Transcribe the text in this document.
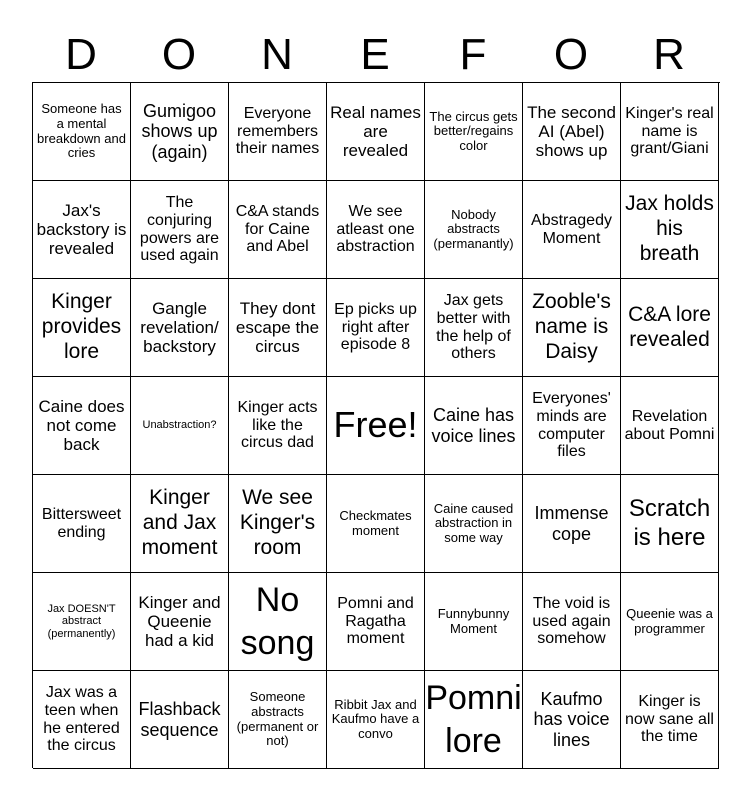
D	O	N	E	F	O	R
Someone has a mental breakdown and cries
Gumigoo shows up (again)
Everyone remembers their names
Real names are revealed
The circus gets better/regains color
The second AI (Abel) shows up
Kinger's real name is grant/Giani
Jax's backstory is revealed
The conjuring powers are used again
C&A stands for Caine and Abel
We see atleast one abstraction
Nobody abstracts (permanantly)
Abstragedy Moment
Jax holds his breath
Kinger provides lore
Gangle revelation/ backstory
They dont escape the circus
Ep picks up right after episode 8
Jax gets better with the help of others
Zooble's name is Daisy
C&A lore revealed
Caine does not come back
Unabstraction?
Kinger acts like the circus dad Free! Caine has voice lines
Everyones' minds are computer files
Revelation about Pomni
Bittersweet ending
Kinger and Jax moment
We see Kinger's room
Checkmates moment
Caine caused abstraction in some way
Immense cope
Scratch is here
Jax DOESN'T abstract (permanently)
Kinger and Queenie had a kid
No song
Pomni and Ragatha moment
Funnybunny Moment
The void is used again somehow
Queenie was a programmer
Jax was a teen when he entered the circus
Flashback sequence
Someone abstracts (permanent or not)
Ribbit Jax and Kaufmo have a convo
Pomni lore
Kaufmo has voice lines
Kinger is now sane all the time
